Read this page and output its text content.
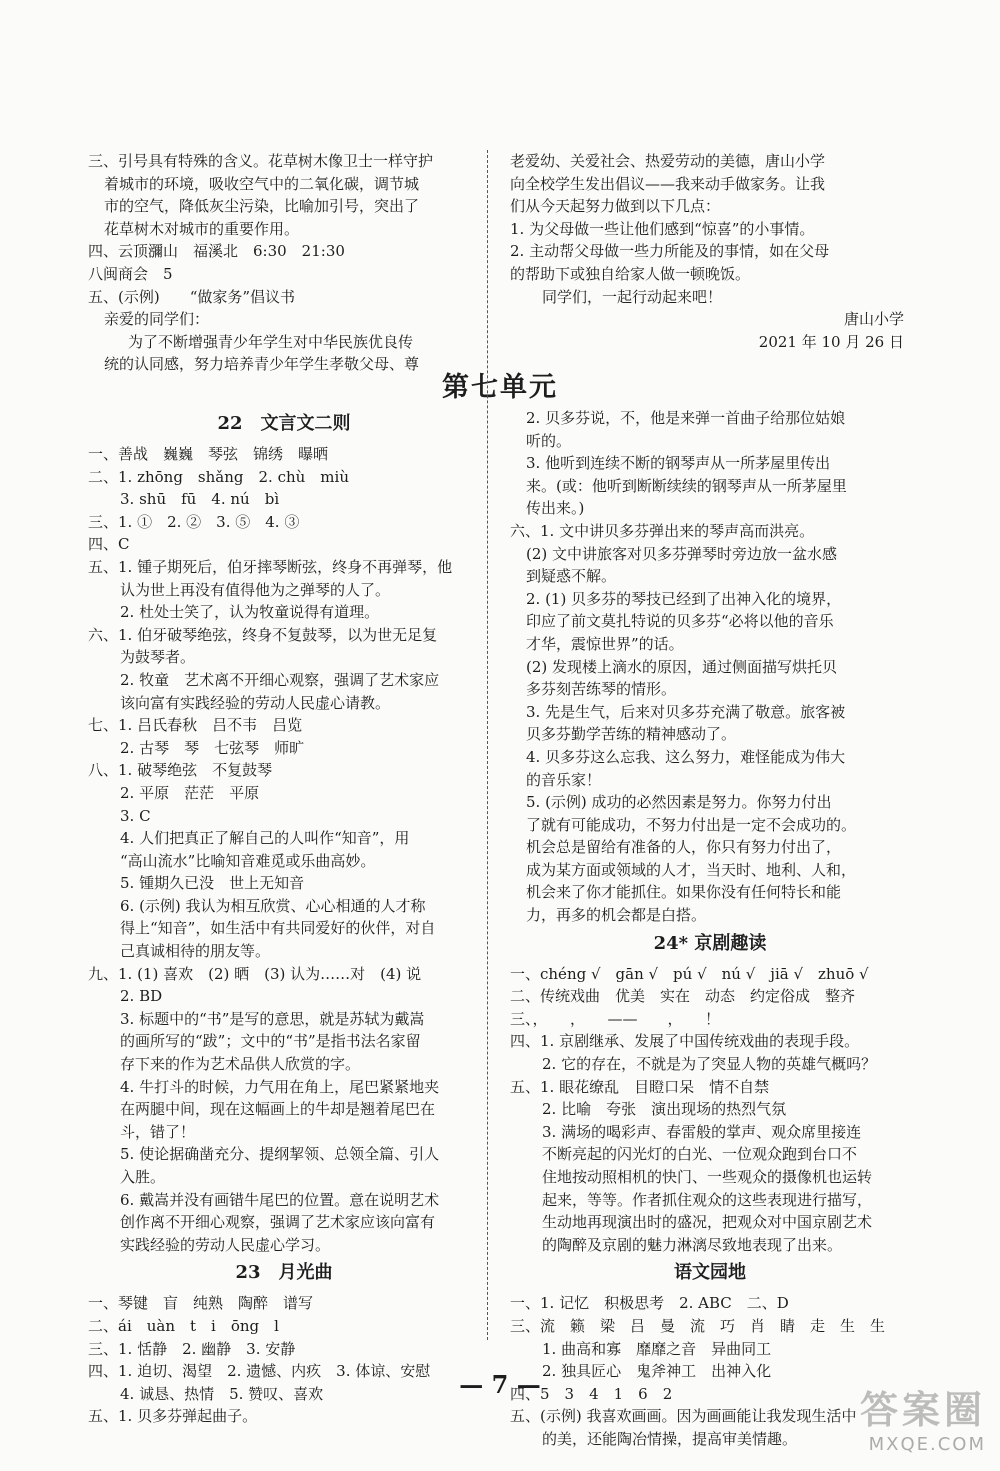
三、引号具有特殊的含义。花草树木像卫士一样守护
着城市的环境，吸收空气中的二氧化碳，调节城
市的空气，降低灰尘污染，比喻加引号，突出了
花草树木对城市的重要作用。
四、云顶瀰山　福溪北　6:30　21:30
八闽商会　5
五、(示例)　　“做家务”倡议书
亲爱的同学们：
为了不断增强青少年学生对中华民族优良传
统的认同感，努力培养青少年学生孝敬父母、尊
老爱幼、关爱社会、热爱劳动的美德，唐山小学
向全校学生发出倡议——我来动手做家务。让我
们从今天起努力做到以下几点：
1. 为父母做一些让他们感到“惊喜”的小事情。
2. 主动帮父母做一些力所能及的事情，如在父母
的帮助下或独自给家人做一顿晚饭。
同学们，一起行动起来吧！
唐山小学
2021 年 10 月 26 日
第七单元
22　文言文二则
一、善战　巍巍　琴弦　锦绣　曝晒
二、1. zhōng　shǎng　2. chù　miù
3. shū　fū　4. nú　bì
三、1. ①　2. ②　3. ⑤　4. ③
四、C
五、1. 锺子期死后，伯牙摔琴断弦，终身不再弹琴，他
认为世上再没有值得他为之弹琴的人了。
2. 杜处士笑了，认为牧童说得有道理。
六、1. 伯牙破琴绝弦，终身不复鼓琴，以为世无足复
为鼓琴者。
2. 牧童　艺术离不开细心观察，强调了艺术家应
该向富有实践经验的劳动人民虚心请教。
七、1. 吕氏春秋　吕不韦　吕览
2. 古琴　琴　七弦琴　师旷
八、1. 破琴绝弦　不复鼓琴
2. 平原　茫茫　平原
3. C
4. 人们把真正了解自己的人叫作“知音”，用
“高山流水”比喻知音难觅或乐曲高妙。
5. 锺期久已没　世上无知音
6. (示例) 我认为相互欣赏、心心相通的人才称
得上“知音”，如生活中有共同爱好的伙伴，对自
己真诚相待的朋友等。
九、1. (1) 喜欢　(2) 晒　(3) 认为……对　(4) 说
2. BD
3. 标题中的“书”是写的意思，就是苏轼为戴嵩
的画所写的“跋”；文中的“书”是指书法名家留
存下来的作为艺术品供人欣赏的字。
4. 牛打斗的时候，力气用在角上，尾巴紧紧地夹
在两腿中间，现在这幅画上的牛却是翘着尾巴在
斗，错了！
5. 使论据确凿充分、提纲挈领、总领全篇、引人
入胜。
6. 戴嵩并没有画错牛尾巴的位置。意在说明艺术
创作离不开细心观察，强调了艺术家应该向富有
实践经验的劳动人民虚心学习。
23　月光曲
一、琴键　盲　纯熟　陶醉　谱写
二、ái　uàn　t　i　ōng　l
三、1. 恬静　2. 幽静　3. 安静
四、1. 迫切、渴望　2. 遗憾、内疚　3. 体谅、安慰
4. 诚恳、热情　5. 赞叹、喜欢
五、1. 贝多芬弹起曲子。
2. 贝多芬说，不，他是来弹一首曲子给那位姑娘
听的。
3. 他听到连续不断的钢琴声从一所茅屋里传出
来。(或：他听到断断续续的钢琴声从一所茅屋里
传出来。)
六、1. 文中讲贝多芬弹出来的琴声高而洪亮。
(2) 文中讲旅客对贝多芬弹琴时旁边放一盆水感
到疑惑不解。
2. (1) 贝多芬的琴技已经到了出神入化的境界，
印应了前文莫扎特说的贝多芬“必将以他的音乐
才华，震惊世界”的话。
(2) 发现楼上滴水的原因，通过侧面描写烘托贝
多芬刻苦练琴的情形。
3. 先是生气，后来对贝多芬充满了敬意。旅客被
贝多芬勤学苦练的精神感动了。
4. 贝多芬这么忘我、这么努力，难怪能成为伟大
的音乐家！
5. (示例) 成功的必然因素是努力。你努力付出
了就有可能成功，不努力付出是一定不会成功的。
机会总是留给有准备的人，你只有努力付出了，
成为某方面或领域的人才，当天时、地利、人和，
机会来了你才能抓住。如果你没有任何特长和能
力，再多的机会都是白搭。
24* 京剧趣读
一、chéng √　gān √　pú √　nú √　jiā √　zhuō √
二、传统戏曲　优美　实在　动态　约定俗成　整齐
三、，　　，　　——　　，　　！
四、1. 京剧继承、发展了中国传统戏曲的表现手段。
2. 它的存在，不就是为了突显人物的英雄气概吗？
五、1. 眼花缭乱　目瞪口呆　情不自禁
2. 比喻　夸张　演出现场的热烈气氛
3. 满场的喝彩声、春雷般的掌声、观众席里接连
不断亮起的闪光灯的白光、一位观众跑到台口不
住地按动照相机的快门、一些观众的摄像机也运转
起来，等等。作者抓住观众的这些表现进行描写，
生动地再现演出时的盛况，把观众对中国京剧艺术
的陶醉及京剧的魅力淋漓尽致地表现了出来。
语文园地
一、1. 记忆　积极思考　2. ABC　二、D
三、流　籁　梁　吕　曼　流　巧　肖　睛　走　生　生
1. 曲高和寡　靡靡之音　异曲同工
2. 独具匠心　鬼斧神工　出神入化
四、5　3　4　1　6　2
五、(示例) 我喜欢画画。因为画画能让我发现生活中
的美，还能陶冶情操，提高审美情趣。
— 7 —
答案圈
MXQE.COM
